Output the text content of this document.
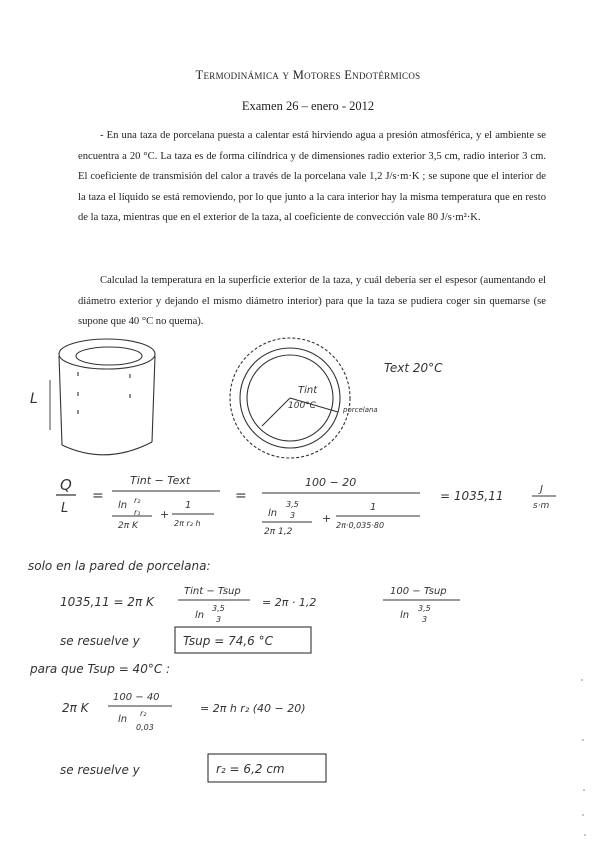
Termodinámica y Motores Endotérmicos
Examen 26 – enero - 2012
- En una taza de porcelana puesta a calentar está hirviendo agua a presión atmosférica, y el ambiente se encuentra a 20 °C. La taza es de forma cilíndrica y de dimensiones radio exterior 3,5 cm, radio interior 3 cm. El coeficiente de transmisión del calor a través de la porcelana vale 1,2 J/s·m·K ; se supone que el interior de la taza el líquido se está removiendo, por lo que junto a la cara interior hay la misma temperatura que en resto de la taza, mientras que en el exterior de la taza, al coeficiente de convección vale 80 J/s·m²·K.
Calculad la temperatura en la superficie exterior de la taza, y cuál debería ser el espesor (aumentando el diámetro exterior y dejando el mismo diámetro interior) para que la taza se pudiera coger sin quemarse (se supone que 40 °C no quema).
L
Tint
100°C	porcelana
Text 20°C
Q
L
=
Tint − Text
ln r₂
r₁
2π K
+
1
2π r₂ h
=
100 − 20
ln
3,5
3
2π 1,2
+
1
2π·0,035·80
= 1035,11	J
s·m
solo en la pared de porcelana:
1035,11 = 2π K
Tint − Tsup
ln
3,5
3
= 2π · 1,2
100 − Tsup
ln
3,5
3
se resuelve y	Tsup = 74,6 °C
para que Tsup = 40°C :
2π K
100 − 40
ln
r₂
0,03
= 2π h r₂ (40 − 20)
se resuelve y	r₂ = 6,2 cm
